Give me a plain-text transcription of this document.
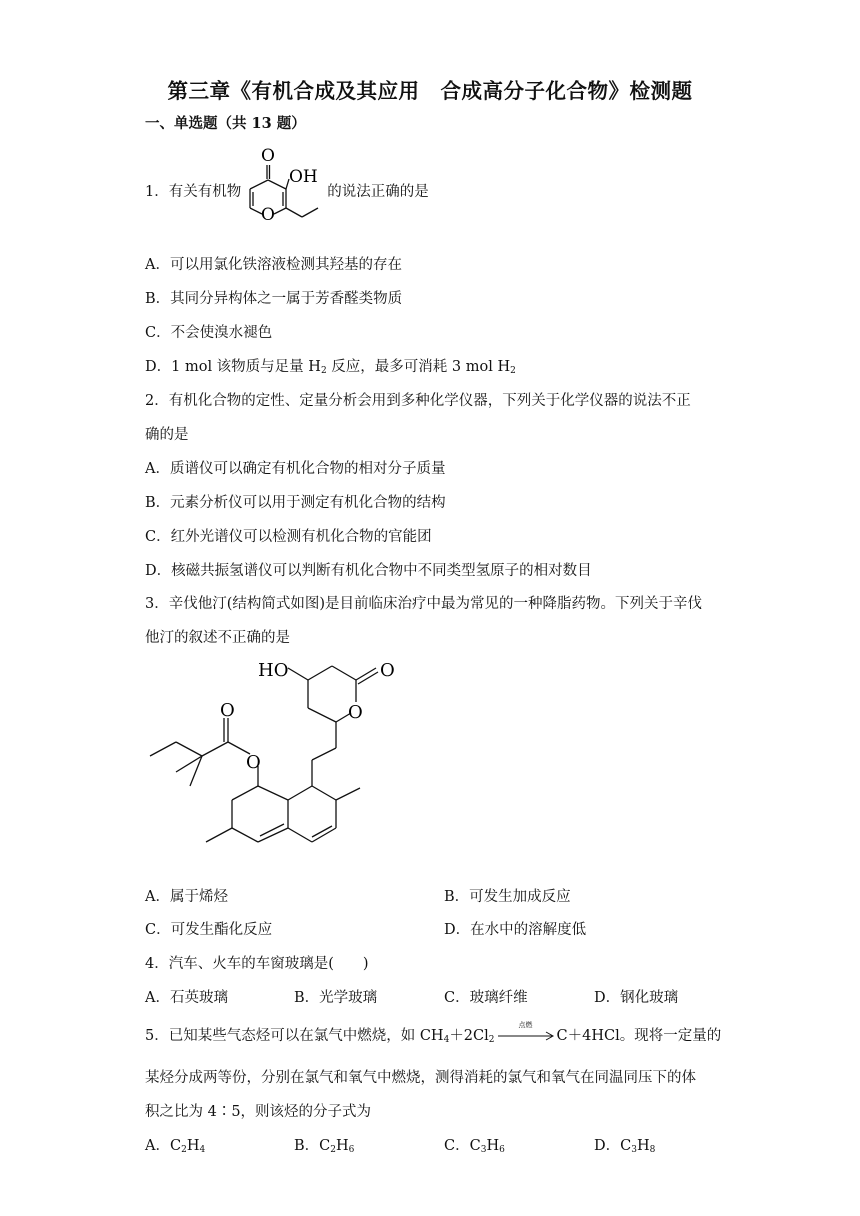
第三章《有机合成及其应用　合成高分子化合物》检测题
一、单选题（共 13 题）
1．有关有机物	的说法正确的是
O
OH
O
A．可以用氯化铁溶液检测其羟基的存在
B．其同分异构体之一属于芳香醛类物质
C．不会使溴水褪色
D．1 mol 该物质与足量 $H_2$ 反应，最多可消耗 3 mol $H_2$
2．有机化合物的定性、定量分析会用到多种化学仪器，下列关于化学仪器的说法不正
确的是
A．质谱仪可以确定有机化合物的相对分子质量
B．元素分析仪可以用于测定有机化合物的结构
C．红外光谱仪可以检测有机化合物的官能团
D．核磁共振氢谱仪可以判断有机化合物中不同类型氢原子的相对数目
3．辛伐他汀(结构简式如图)是目前临床治疗中最为常见的一种降脂药物。下列关于辛伐
他汀的叙述不正确的是
HO	O
O
O
O
A．属于烯烃	B．可发生加成反应
C．可发生酯化反应	D．在水中的溶解度低
4．汽车、火车的车窗玻璃是(　　)
A．石英玻璃	B．光学玻璃	C．玻璃纤维	D．钢化玻璃
5．已知某些气态烃可以在氯气中燃烧，如 $CH_4+2Cl_2$
点燃
C＋4HCl。现将一定量的
某烃分成两等份，分别在氯气和氧气中燃烧，测得消耗的氯气和氧气在同温同压下的体
积之比为 4∶5，则该烃的分子式为
A．$C_2H_4$	B．$C_2H_6$	C．$C_3H_6$	D．$C_3H_8$
